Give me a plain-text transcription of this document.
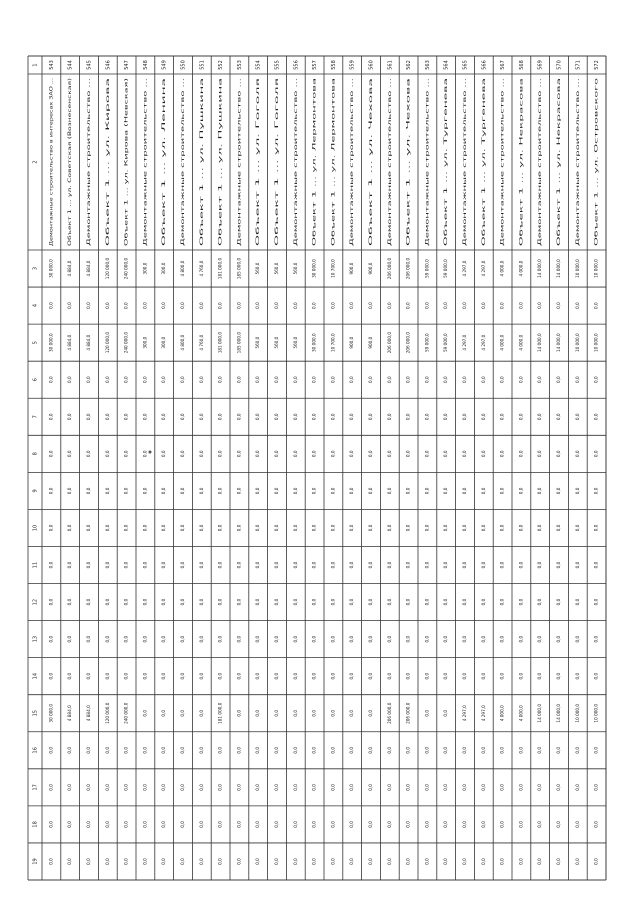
1
2
3
4
5
6
7
8
9
10
11
12
13
14
15
16
17
18
19
543
Демонтажные строительство в интересах ЗАО ...
30 000,0
0,0
30 000,0
0,0
0,0
0,0
0,0
0,0
0,0
0,0
0,0
0,0
30 000,0
0,0
0,0
0,0
0,0
544
Объект 1 ... ул. Советская (Вознесенская)
4 884,0
0,0
4 884,0
0,0
0,0
0,0
0,0
0,0
0,0
0,0
0,0
0,0
4 884,0
0,0
0,0
0,0
0,0
545
Демонтажные строительство ...
4 884,0
0,0
4 884,0
0,0
0,0
0,0
0,0
0,0
0,0
0,0
0,0
0,0
4 884,0
0,0
0,0
0,0
0,0
546
Объект 1 ... ул. Кирова
120 000,0
0,0
120 000,0
0,0
0,0
0,0
0,0
0,0
0,0
0,0
0,0
0,0
120 000,0
0,0
0,0
0,0
0,0
547
Объект 1 ... ул. Кирова (Невская)
240 000,0
0,0
240 000,0
0,0
0,0
0,0
0,0
0,0
0,0
0,0
0,0
0,0
240 000,0
0,0
0,0
0,0
0,0
548
Демонтажные строительство ...
300,0
0,0
300,0
0,0
0,0
0,0
0,0
0,0
0,0
0,0
0,0
0,0
0,0
0,0
0,0
0,0
0,0
549
Объект 1 ... ул. Ленина
300,0
0,0
300,0
0,0
0,0
0,0
0,0
0,0
0,0
0,0
0,0
0,0
0,0
0,0
0,0
0,0
0,0
550
Демонтажные строительство ...
4 800,0
0,0
4 800,0
0,0
0,0
0,0
0,0
0,0
0,0
0,0
0,0
0,0
0,0
0,0
0,0
0,0
0,0
551
Объект 1 ... ул. Пушкина
4 760,0
0,0
4 760,0
0,0
0,0
0,0
0,0
0,0
0,0
0,0
0,0
0,0
0,0
0,0
0,0
0,0
0,0
552
Объект 1 ... ул. Пушкина
181 000,0
0,0
181 000,0
0,0
0,0
0,0
0,0
0,0
0,0
0,0
0,0
0,0
181 000,0
0,0
0,0
0,0
0,0
553
Демонтажные строительство ...
185 000,0
0,0
185 000,0
0,0
0,0
0,0
0,0
0,0
0,0
0,0
0,0
0,0
0,0
0,0
0,0
0,0
0,0
554
Объект 1 ... ул. Гоголя
560,0
0,0
560,0
0,0
0,0
0,0
0,0
0,0
0,0
0,0
0,0
0,0
0,0
0,0
0,0
0,0
0,0
555
Объект 1 ... ул. Гоголя
560,0
0,0
560,0
0,0
0,0
0,0
0,0
0,0
0,0
0,0
0,0
0,0
0,0
0,0
0,0
0,0
0,0
556
Демонтажные строительство ...
560,0
0,0
560,0
0,0
0,0
0,0
0,0
0,0
0,0
0,0
0,0
0,0
0,0
0,0
0,0
0,0
0,0
557
Объект 1 ... ул. Лермонтова
30 000,0
0,0
30 000,0
0,0
0,0
0,0
0,0
0,0
0,0
0,0
0,0
0,0
0,0
0,0
0,0
0,0
0,0
558
Объект 1 ... ул. Лермонтова
10 700,0
0,0
10 700,0
0,0
0,0
0,0
0,0
0,0
0,0
0,0
0,0
0,0
0,0
0,0
0,0
0,0
0,0
559
Демонтажные строительство ...
900,0
0,0
900,0
0,0
0,0
0,0
0,0
0,0
0,0
0,0
0,0
0,0
0,0
0,0
0,0
0,0
0,0
560
Объект 1 ... ул. Чехова
900,0
0,0
900,0
0,0
0,0
0,0
0,0
0,0
0,0
0,0
0,0
0,0
0,0
0,0
0,0
0,0
0,0
561
Демонтажные строительство ...
206 000,0
0,0
206 000,0
0,0
0,0
0,0
0,0
0,0
0,0
0,0
0,0
0,0
206 000,0
0,0
0,0
0,0
0,0
562
Объект 1 ... ул. Чехова
206 000,0
0,0
206 000,0
0,0
0,0
0,0
0,0
0,0
0,0
0,0
0,0
0,0
206 000,0
0,0
0,0
0,0
0,0
563
Демонтажные строительство ...
59 000,0
0,0
59 000,0
0,0
0,0
0,0
0,0
0,0
0,0
0,0
0,0
0,0
0,0
0,0
0,0
0,0
0,0
564
Объект 1 ... ул. Тургенева
59 000,0
0,0
59 000,0
0,0
0,0
0,0
0,0
0,0
0,0
0,0
0,0
0,0
0,0
0,0
0,0
0,0
0,0
565
Демонтажные строительство ...
4 297,0
0,0
4 297,0
0,0
0,0
0,0
0,0
0,0
0,0
0,0
0,0
0,0
4 297,0
0,0
0,0
0,0
0,0
566
Объект 1 ... ул. Тургенева
4 297,0
0,0
4 297,0
0,0
0,0
0,0
0,0
0,0
0,0
0,0
0,0
0,0
4 297,0
0,0
0,0
0,0
0,0
567
Демонтажные строительство ...
4 000,0
0,0
4 000,0
0,0
0,0
0,0
0,0
0,0
0,0
0,0
0,0
0,0
4 000,0
0,0
0,0
0,0
0,0
568
Объект 1 ... ул. Некрасова
4 000,0
0,0
4 000,0
0,0
0,0
0,0
0,0
0,0
0,0
0,0
0,0
0,0
4 000,0
0,0
0,0
0,0
0,0
569
Демонтажные строительство ...
14 000,0
0,0
14 000,0
0,0
0,0
0,0
0,0
0,0
0,0
0,0
0,0
0,0
14 000,0
0,0
0,0
0,0
0,0
570
Объект 1 ... ул. Некрасова
14 000,0
0,0
14 000,0
0,0
0,0
0,0
0,0
0,0
0,0
0,0
0,0
0,0
14 000,0
0,0
0,0
0,0
0,0
571
Демонтажные строительство ...
10 000,0
0,0
10 000,0
0,0
0,0
0,0
0,0
0,0
0,0
0,0
0,0
0,0
10 000,0
0,0
0,0
0,0
0,0
572
Объект 1 ... ул. Островского
10 000,0
0,0
10 000,0
0,0
0,0
0,0
0,0
0,0
0,0
0,0
0,0
0,0
10 000,0
0,0
0,0
0,0
0,0
